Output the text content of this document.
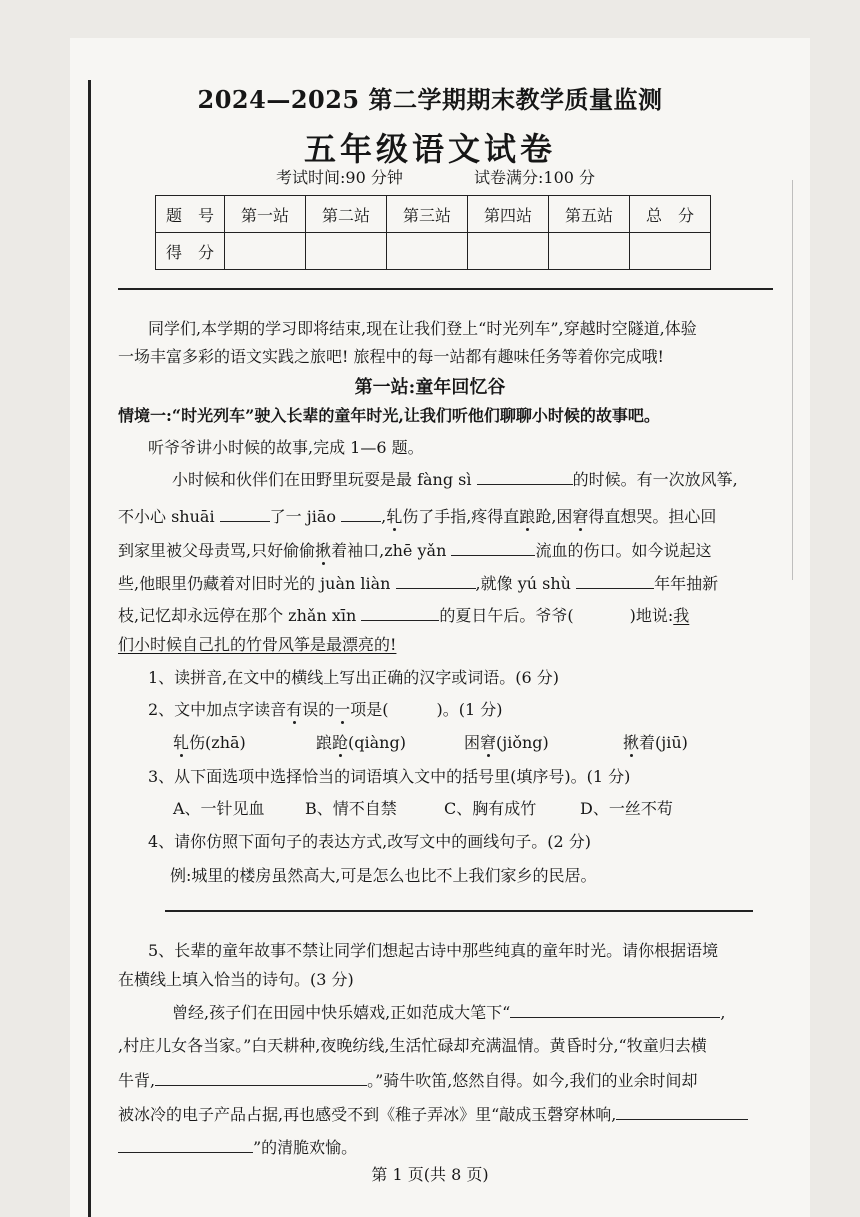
2024—2025 第二学期期末教学质量监测
五年级语文试卷
考试时间:90 分钟	试卷满分:100 分
题　号	第一站	第二站	第三站	第四站	第五站	总　分
得　分						
同学们,本学期的学习即将结束,现在让我们登上“时光列车”,穿越时空隧道,体验
一场丰富多彩的语文实践之旅吧! 旅程中的每一站都有趣味任务等着你完成哦!
第一站:童年回忆谷
情境一:“时光列车”驶入长辈的童年时光,让我们听他们聊聊小时候的故事吧。
听爷爷讲小时候的故事,完成 1—6 题。
小时候和伙伴们在田野里玩耍是最 fàng sì	的时候。有一次放风筝,
不小心 shuāi	了一 jiāo	,轧伤了手指,疼得直踉跄,困窘得直想哭。担心回
到家里被父母责骂,只好偷偷揪着袖口,zhē yǎn	流血的伤口。如今说起这
些,他眼里仍藏着对旧时光的 juàn liàn	,就像 yú shù	年年抽新
枝,记忆却永远停在那个 zhǎn xīn	的夏日午后。爷爷(	)地说:我
们小时候自己扎的竹骨风筝是最漂亮的!
1、读拼音,在文中的横线上写出正确的汉字或词语。(6 分)
2、文中加点字读音有误的一项是(　　　)。(1 分)
轧伤(zhā)	踉跄(qiàng)	困窘(jiǒng)	揪着(jiū)
3、从下面选项中选择恰当的词语填入文中的括号里(填序号)。(1 分)
A、一针见血	B、情不自禁	C、胸有成竹	D、一丝不苟
4、请你仿照下面句子的表达方式,改写文中的画线句子。(2 分)
例:城里的楼房虽然高大,可是怎么也比不上我们家乡的民居。
5、长辈的童年故事不禁让同学们想起古诗中那些纯真的童年时光。请你根据语境
在横线上填入恰当的诗句。(3 分)
曾经,孩子们在田园中快乐嬉戏,正如范成大笔下“	,
,村庄儿女各当家。”白天耕种,夜晚纺线,生活忙碌却充满温情。黄昏时分,“牧童归去横
牛背,	。”骑牛吹笛,悠然自得。如今,我们的业余时间却
被冰冷的电子产品占据,再也感受不到《稚子弄冰》里“敲成玉磬穿林响,
”的清脆欢愉。
第 1 页(共 8 页)
